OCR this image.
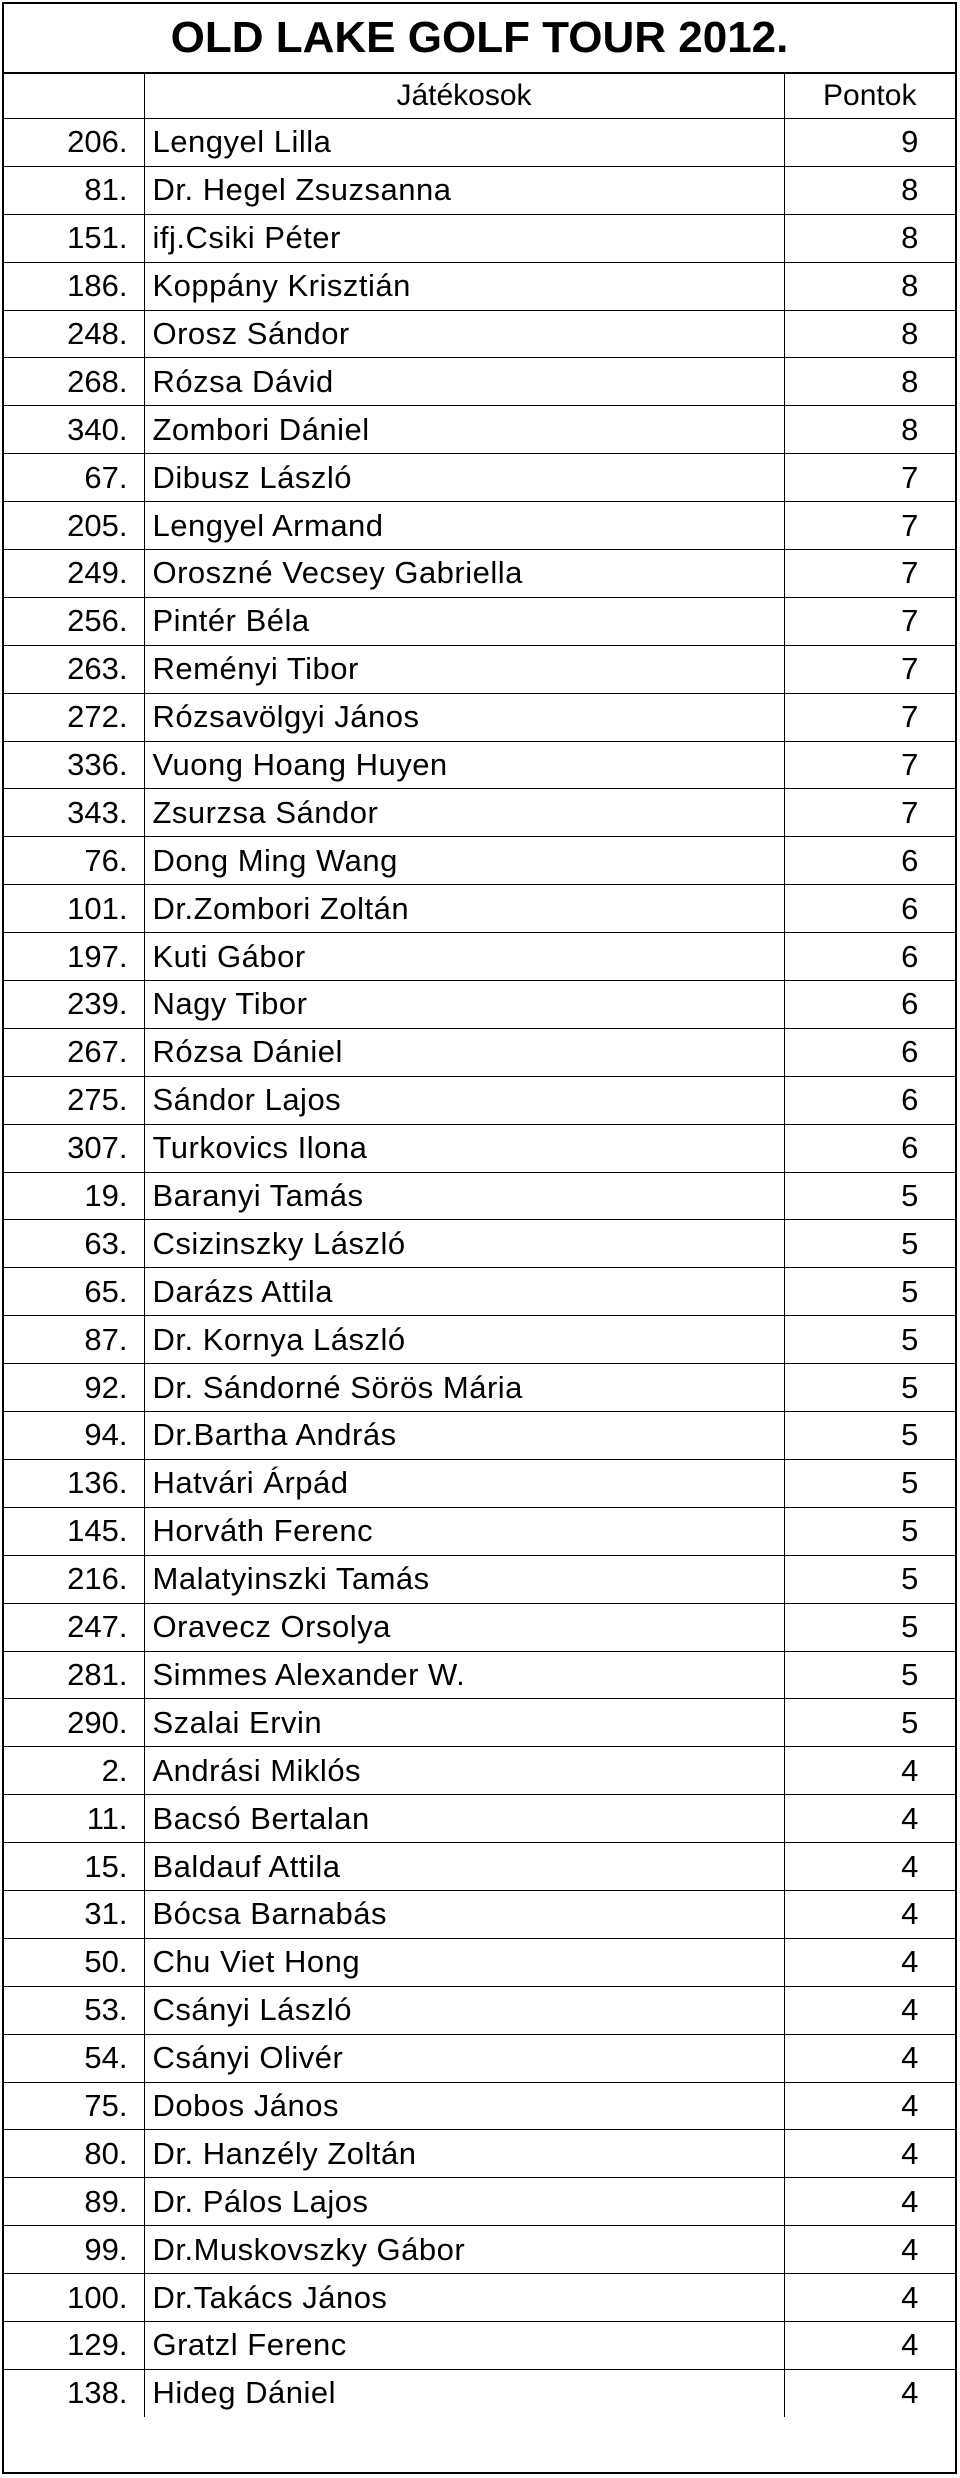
OLD LAKE GOLF TOUR 2012.		
	Játékosok	Pontok
206.	Lengyel Lilla	9
81.	Dr. Hegel Zsuzsanna	8
151.	ifj.Csiki Péter	8
186.	Koppány Krisztián	8
248.	Orosz Sándor	8
268.	Rózsa Dávid	8
340.	Zombori Dániel	8
67.	Dibusz László	7
205.	Lengyel Armand	7
249.	Oroszné Vecsey Gabriella	7
256.	Pintér Béla	7
263.	Reményi Tibor	7
272.	Rózsavölgyi János	7
336.	Vuong Hoang Huyen	7
343.	Zsurzsa Sándor	7
76.	Dong Ming Wang	6
101.	Dr.Zombori Zoltán	6
197.	Kuti Gábor	6
239.	Nagy Tibor	6
267.	Rózsa Dániel	6
275.	Sándor Lajos	6
307.	Turkovics Ilona	6
19.	Baranyi Tamás	5
63.	Csizinszky László	5
65.	Darázs Attila	5
87.	Dr. Kornya László	5
92.	Dr. Sándorné Sörös Mária	5
94.	Dr.Bartha András	5
136.	Hatvári Árpád	5
145.	Horváth Ferenc	5
216.	Malatyinszki Tamás	5
247.	Oravecz Orsolya	5
281.	Simmes Alexander W.	5
290.	Szalai Ervin	5
2.	Andrási Miklós	4
11.	Bacsó Bertalan	4
15.	Baldauf Attila	4
31.	Bócsa Barnabás	4
50.	Chu Viet Hong	4
53.	Csányi László	4
54.	Csányi Olivér	4
75.	Dobos János	4
80.	Dr. Hanzély Zoltán	4
89.	Dr. Pálos Lajos	4
99.	Dr.Muskovszky Gábor	4
100.	Dr.Takács János	4
129.	Gratzl Ferenc	4
138.	Hideg Dániel	4
